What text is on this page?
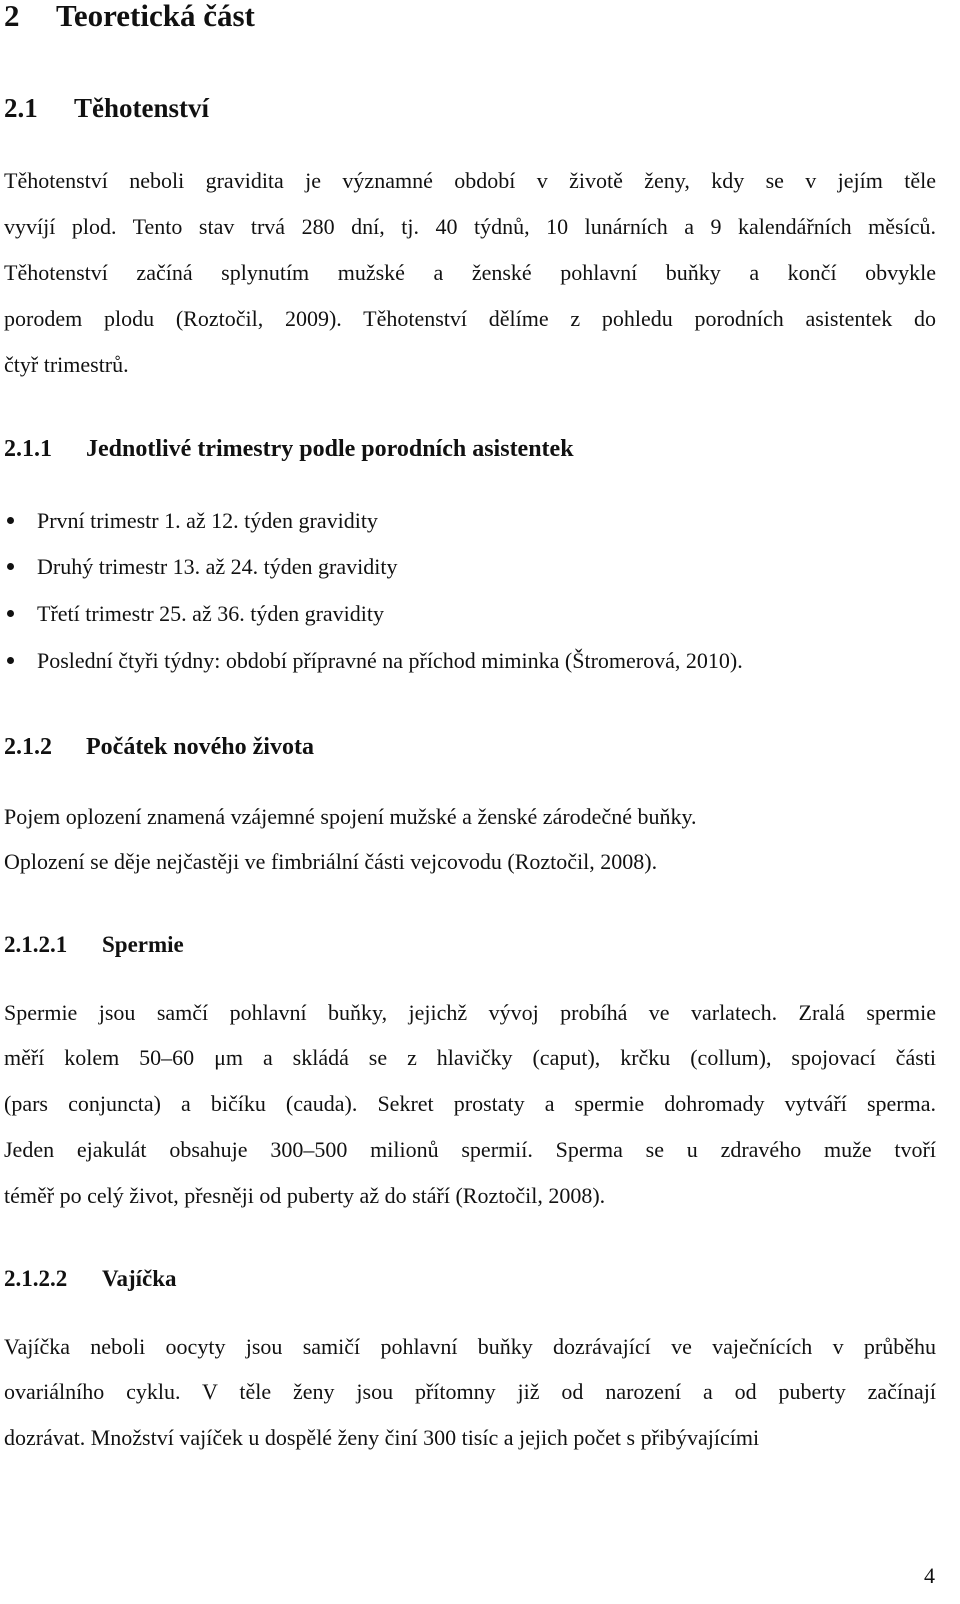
2 Teoretická část
2.1 Těhotenství

Těhotenství neboli gravidita je významné období v životě ženy, kdy se v jejím těle

vyvíjí plod. Tento stav trvá 280 dní, tj. 40 týdnů, 10 lunárních a 9 kalendářních měsíců.

Těhotenství začíná splynutím mužské a ženské pohlavní buňky a končí obvykle

porodem plodu (Roztočil, 2009). Těhotenství dělíme z pohledu porodních asistentek do

čtyř trimestrů.

2.1.1 Jednotlivé trimestry podle porodních asistentek

První trimestr 1. až 12. týden gravidity

Druhý trimestr 13. až 24. týden gravidity

Třetí trimestr 25. až 36. týden gravidity

Poslední čtyři týdny: období přípravné na příchod miminka (Štromerová, 2010).

2.1.2 Počátek nového života

Pojem oplození znamená vzájemné spojení mužské a ženské zárodečné buňky.

Oplození se děje nejčastěji ve fimbriální části vejcovodu (Roztočil, 2008).

2.1.2.1 Spermie

Spermie jsou samčí pohlavní buňky, jejichž vývoj probíhá ve varlatech. Zralá spermie

měří kolem 50–60 μm a skládá se z hlavičky (caput), krčku (collum), spojovací části

(pars conjuncta) a bičíku (cauda). Sekret prostaty a spermie dohromady vytváří sperma.

Jeden ejakulát obsahuje 300–500 milionů spermií. Sperma se u zdravého muže tvoří

téměř po celý život, přesněji od puberty až do stáří (Roztočil, 2008).

2.1.2.2 Vajíčka

Vajíčka neboli oocyty jsou samičí pohlavní buňky dozrávající ve vaječnících v průběhu

ovariálního cyklu. V těle ženy jsou přítomny již od narození a od puberty začínají

dozrávat. Množství vajíček u dospělé ženy činí 300 tisíc a jejich počet s přibývajícími

4
